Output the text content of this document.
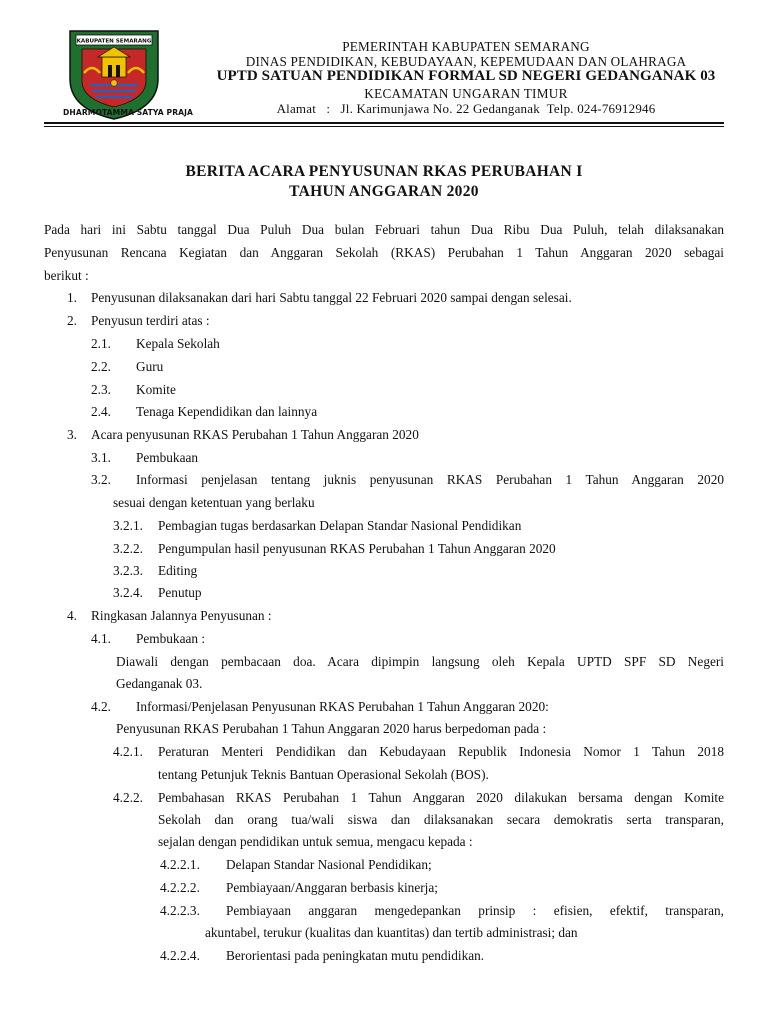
KABUPATEN SEMARANG
DHARMOTAMMA SATYA PRAJA
PEMERINTAH KABUPATEN SEMARANG
DINAS PENDIDIKAN, KEBUDAYAAN, KEPEMUDAAN DAN OLAHRAGA
UPTD SATUAN PENDIDIKAN FORMAL SD NEGERI GEDANGANAK 03
KECAMATAN UNGARAN TIMUR
Alamat   :   Jl. Karimunjawa No. 22 Gedanganak  Telp. 024-76912946
BERITA ACARA PENYUSUNAN RKAS PERUBAHAN I
TAHUN ANGGARAN 2020
Pada hari ini Sabtu tanggal Dua Puluh Dua bulan Februari tahun Dua Ribu Dua Puluh, telah dilaksanakan
Penyusunan Rencana Kegiatan dan Anggaran Sekolah (RKAS) Perubahan 1 Tahun Anggaran 2020 sebagai
berikut :
1. Penyusunan dilaksanakan dari hari Sabtu tanggal 22 Februari 2020 sampai dengan selesai.
2. Penyusun terdiri atas :
2.1. Kepala Sekolah
2.2. Guru
2.3. Komite
2.4. Tenaga Kependidikan dan lainnya
3. Acara penyusunan RKAS Perubahan 1 Tahun Anggaran 2020
3.1. Pembukaan
3.2. Informasi penjelasan tentang juknis penyusunan RKAS Perubahan 1 Tahun Anggaran 2020
sesuai dengan ketentuan yang berlaku
3.2.1. Pembagian tugas berdasarkan Delapan Standar Nasional Pendidikan
3.2.2. Pengumpulan hasil penyusunan RKAS Perubahan 1 Tahun Anggaran 2020
3.2.3. Editing
3.2.4. Penutup
4. Ringkasan Jalannya Penyusunan :
4.1. Pembukaan :
Diawali dengan pembacaan doa. Acara dipimpin langsung oleh Kepala UPTD SPF SD Negeri
Gedanganak 03.
4.2. Informasi/Penjelasan Penyusunan RKAS Perubahan 1 Tahun Anggaran 2020:
Penyusunan RKAS Perubahan 1 Tahun Anggaran 2020 harus berpedoman pada :
4.2.1. Peraturan Menteri Pendidikan dan Kebudayaan Republik Indonesia Nomor 1 Tahun 2018
tentang Petunjuk Teknis Bantuan Operasional Sekolah (BOS).
4.2.2. Pembahasan RKAS Perubahan 1 Tahun Anggaran 2020 dilakukan bersama dengan Komite
Sekolah dan orang tua/wali siswa dan dilaksanakan secara demokratis serta transparan,
sejalan dengan pendidikan untuk semua, mengacu kepada :
4.2.2.1. Delapan Standar Nasional Pendidikan;
4.2.2.2. Pembiayaan/Anggaran berbasis kinerja;
4.2.2.3. Pembiayaan anggaran mengedepankan prinsip : efisien, efektif, transparan,
akuntabel, terukur (kualitas dan kuantitas) dan tertib administrasi; dan
4.2.2.4. Berorientasi pada peningkatan mutu pendidikan.
